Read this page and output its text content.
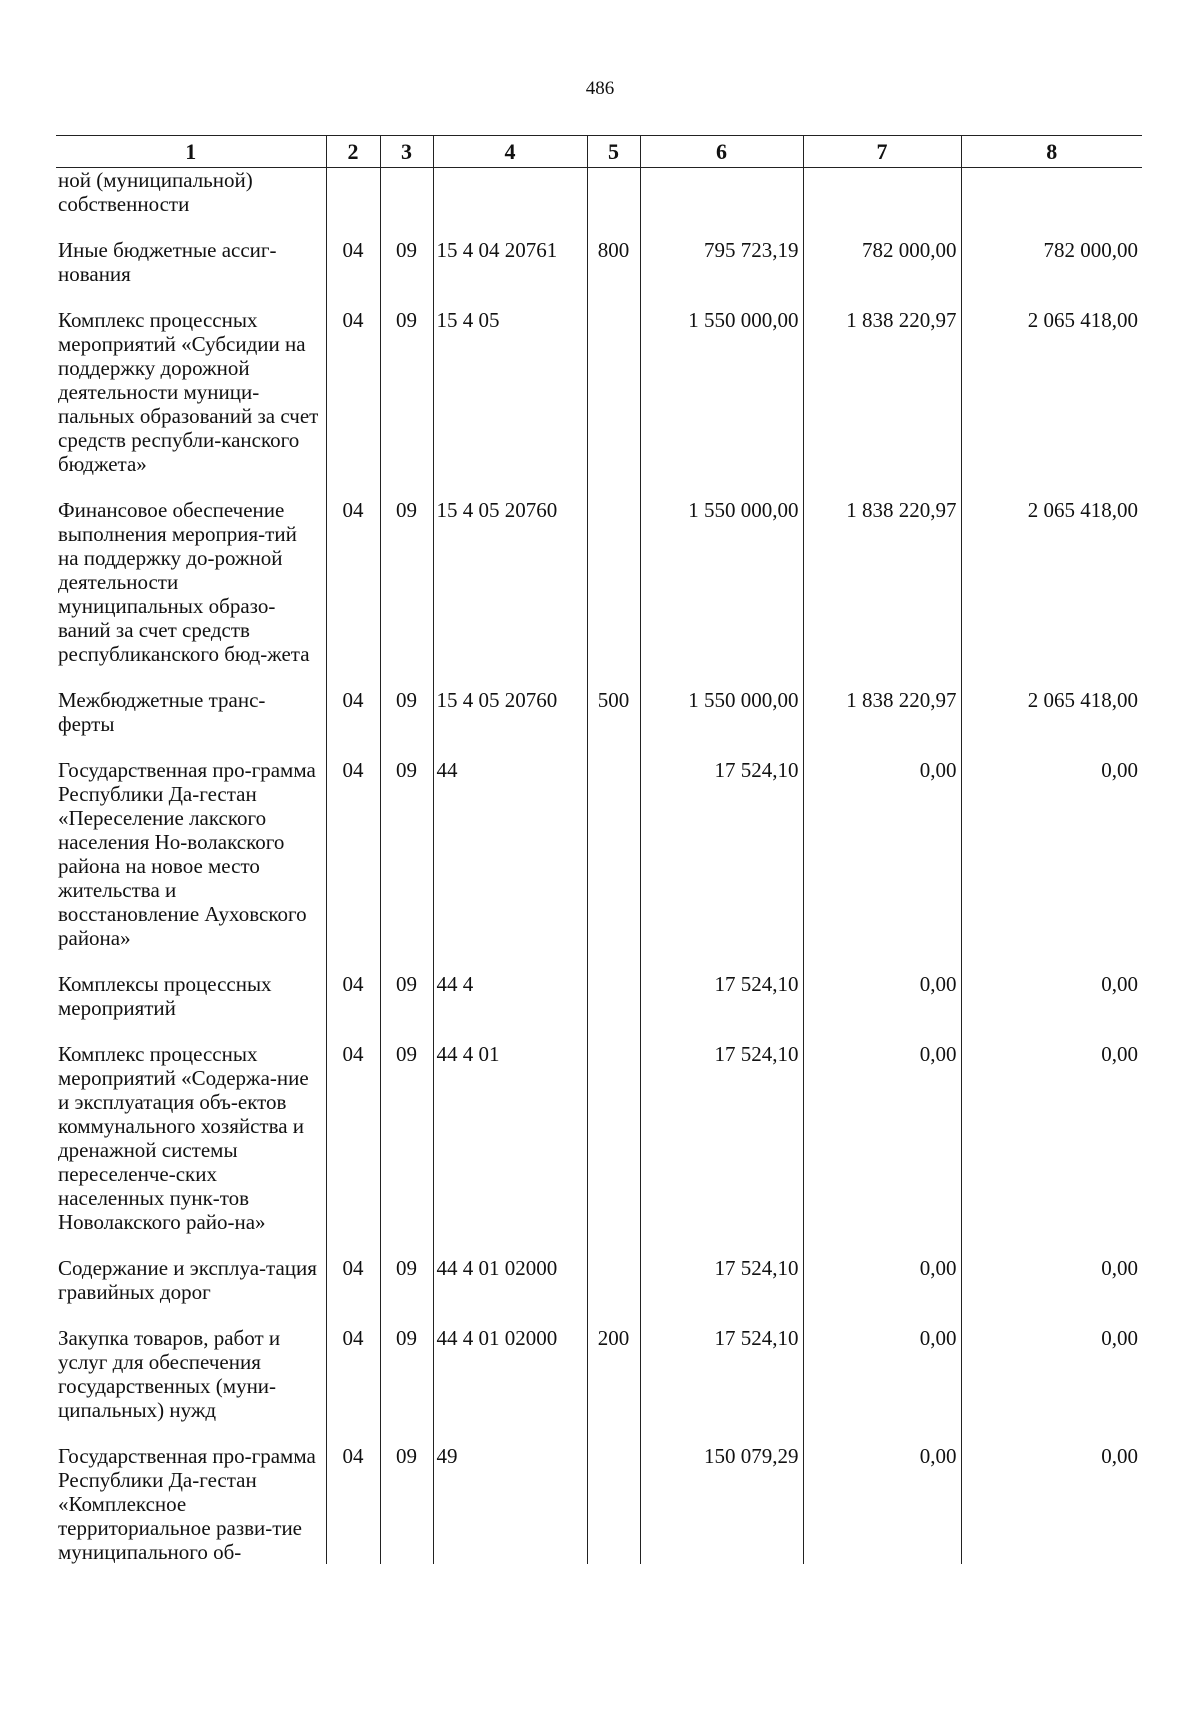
486
1	2	3	4	5	6	7	8
ной (муниципальной) собственности							
Иные бюджетные ассиг-нования	04	09	15 4 04 20761	800	795 723,19	782 000,00	782 000,00
Комплекс процессных мероприятий «Субсидии на поддержку дорожной деятельности муници-пальных образований за счет средств республи-канского бюджета»	04	09	15 4 05		1 550 000,00	1 838 220,97	2 065 418,00
Финансовое обеспечение выполнения мероприя-тий на поддержку до-рожной деятельности муниципальных образо-ваний за счет средств республиканского бюд-жета	04	09	15 4 05 20760		1 550 000,00	1 838 220,97	2 065 418,00
Межбюджетные транс-ферты	04	09	15 4 05 20760	500	1 550 000,00	1 838 220,97	2 065 418,00
Государственная про-грамма Республики Да-гестан «Переселение лакского населения Но-волакского района на новое место жительства и восстановление Ауховского района»	04	09	44		17 524,10	0,00	0,00
Комплексы процессных мероприятий	04	09	44 4		17 524,10	0,00	0,00
Комплекс процессных мероприятий «Содержа-ние и эксплуатация объ-ектов коммунального хозяйства и дренажной системы переселенче-ских населенных пунк-тов Новолакского райо-на»	04	09	44 4 01		17 524,10	0,00	0,00
Содержание и эксплуа-тация гравийных дорог	04	09	44 4 01 02000		17 524,10	0,00	0,00
Закупка товаров, работ и услуг для обеспечения государственных (муни-ципальных) нужд	04	09	44 4 01 02000	200	17 524,10	0,00	0,00
Государственная про-грамма Республики Да-гестан «Комплексное территориальное разви-тие муниципального об-	04	09	49		150 079,29	0,00	0,00
